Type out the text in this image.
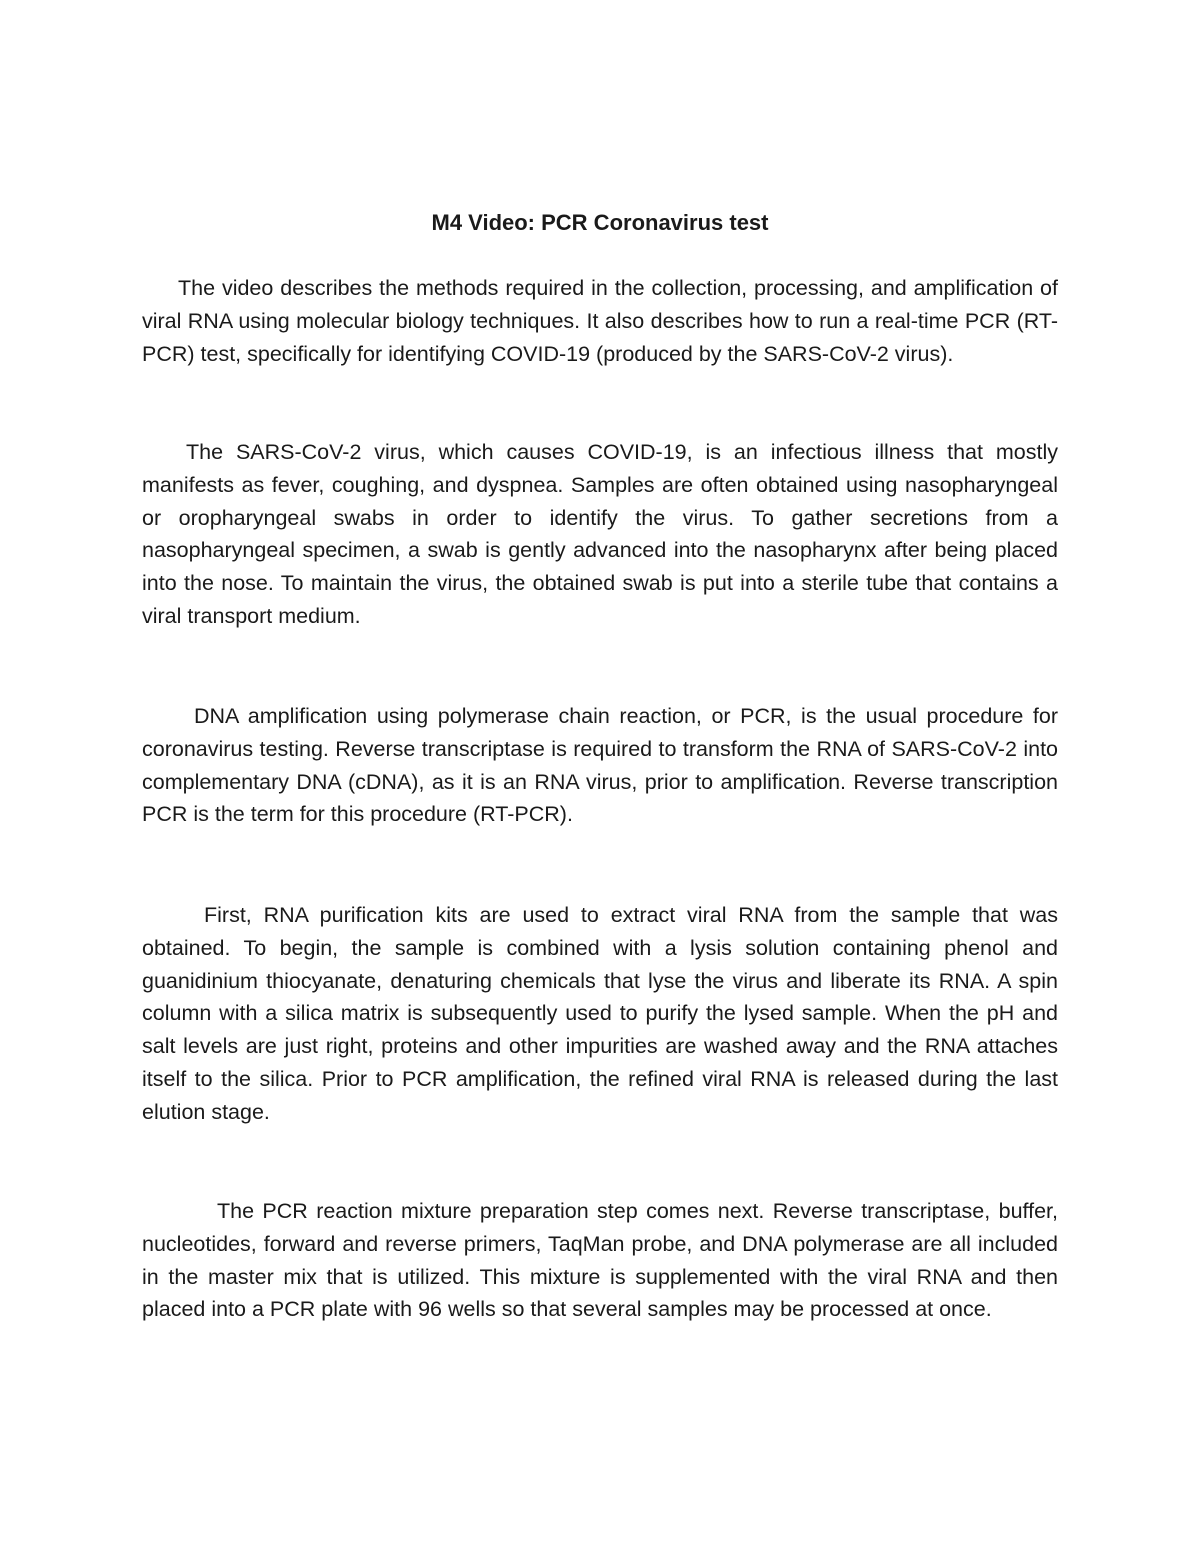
M4 Video: PCR Coronavirus test

The video describes the methods required in the collection, processing, and amplification of viral RNA using molecular biology techniques. It also describes how to run a real-time PCR (RT-PCR) test, specifically for identifying COVID-19 (produced by the SARS-CoV-2 virus).

The SARS-CoV-2 virus, which causes COVID-19, is an infectious illness that mostly manifests as fever, coughing, and dyspnea. Samples are often obtained using nasopharyngeal or oropharyngeal swabs in order to identify the virus. To gather secretions from a nasopharyngeal specimen, a swab is gently advanced into the nasopharynx after being placed into the nose. To maintain the virus, the obtained swab is put into a sterile tube that contains a viral transport medium.

DNA amplification using polymerase chain reaction, or PCR, is the usual procedure for coronavirus testing. Reverse transcriptase is required to transform the RNA of SARS-CoV-2 into complementary DNA (cDNA), as it is an RNA virus, prior to amplification. Reverse transcription PCR is the term for this procedure (RT-PCR).

First, RNA purification kits are used to extract viral RNA from the sample that was obtained. To begin, the sample is combined with a lysis solution containing phenol and guanidinium thiocyanate, denaturing chemicals that lyse the virus and liberate its RNA. A spin column with a silica matrix is subsequently used to purify the lysed sample. When the pH and salt levels are just right, proteins and other impurities are washed away and the RNA attaches itself to the silica. Prior to PCR amplification, the refined viral RNA is released during the last elution stage.

The PCR reaction mixture preparation step comes next. Reverse transcriptase, buffer, nucleotides, forward and reverse primers, TaqMan probe, and DNA polymerase are all included in the master mix that is utilized. This mixture is supplemented with the viral RNA and then placed into a PCR plate with 96 wells so that several samples may be processed at once.
